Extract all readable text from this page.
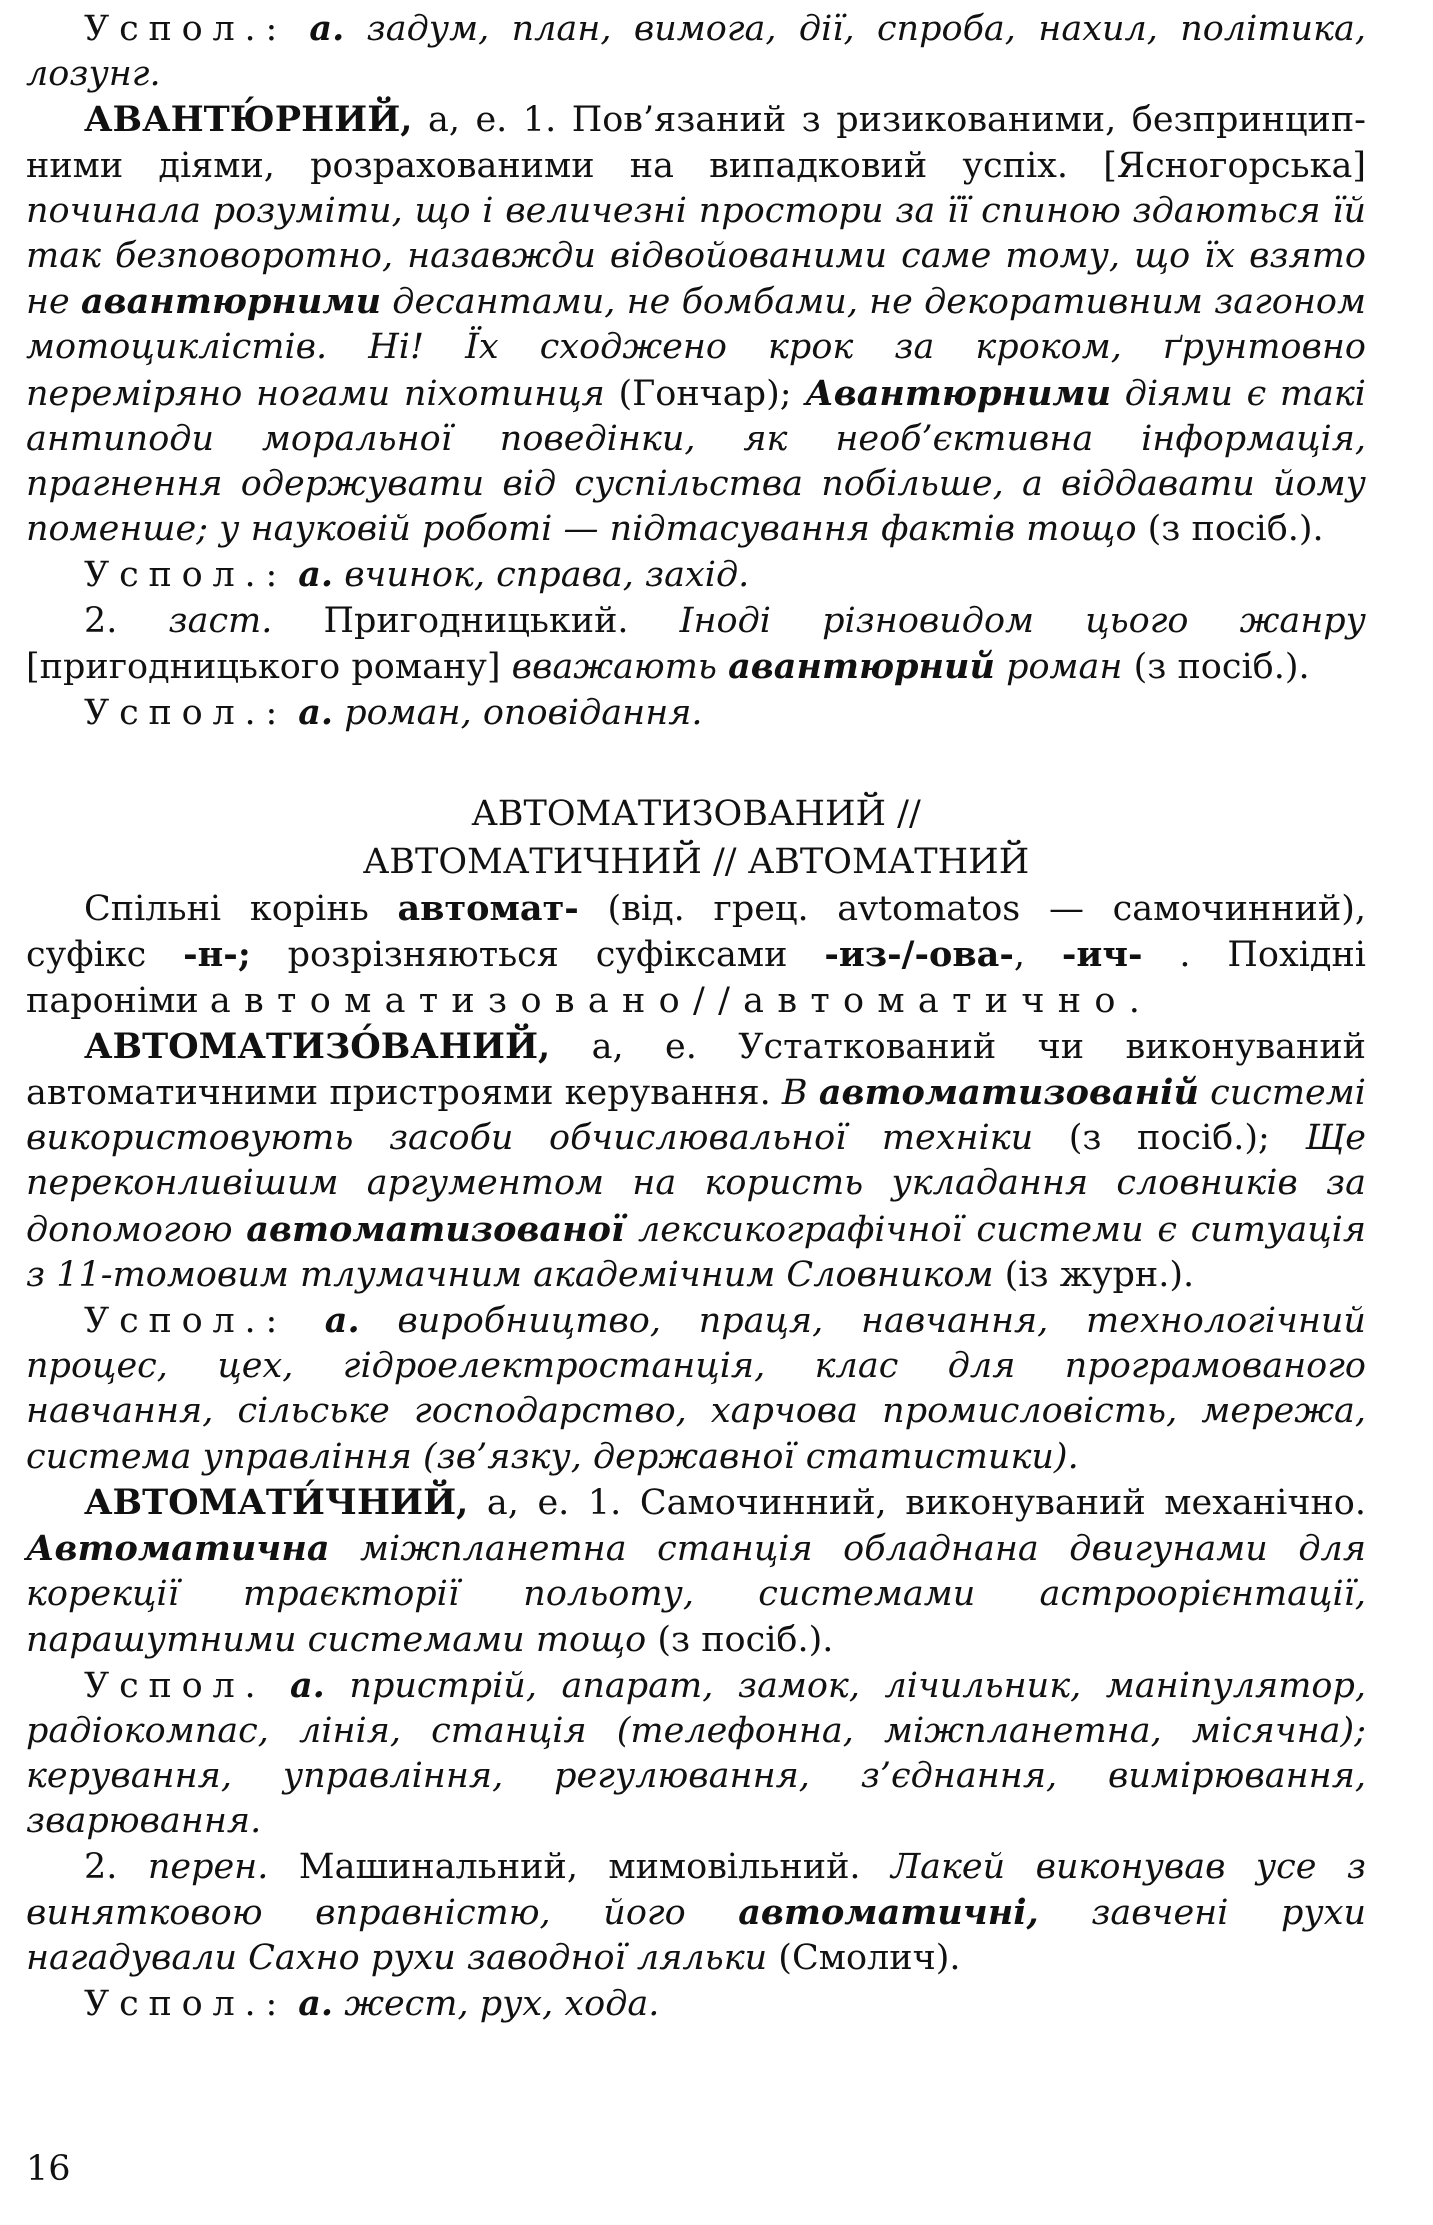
Успол.: а. задум, план, вимога, дії, спроба, нахил, політика, лозунг.

АВАНТЮ́РНИЙ, а, е. 1. Пов’язаний з ризикованими, безпринципними діями, розрахованими на випадковий успіх. [Ясногорська] починала розуміти, що і величезні простори за її спиною здаються їй так безповоротно, назавжди відвойованими саме тому, що їх взято не авантюрними десантами, не бомбами, не декоративним загоном мотоциклістів. Ні! Їх сходжено крок за кроком, ґрунтовно переміряно ногами піхотинця (Гончар); Авантюрними діями є такі антиподи моральної поведінки, як необ’єктивна інформація, прагнення одержувати від суспільства побільше, а віддавати йому поменше; у науковій роботі — підтасування фактів тощо (з посіб.).

Успол.: а. вчинок, справа, захід.

2. заст. Пригодницький. Іноді різновидом цього жанру [пригодницького роману] вважають авантюрний роман (з посіб.).

Успол.: а. роман, оповідання.

АВТОМАТИЗОВАНИЙ //

АВТОМАТИЧНИЙ // АВТОМАТНИЙ

Спільні корінь автомат- (від. грец. avtomatos — самочинний), суфікс -н-; розрізняються суфіксами -из-/-ова-, -ич- . Похідні пароніми автоматизовано//автоматично.

АВТОМАТИЗО́ВАНИЙ, а, е. Устаткований чи виконуваний автоматичними пристроями керування. В автоматизованій системі використовують засоби обчислювальної техніки (з посіб.); Ще переконливішим аргументом на користь укладання словників за допомогою автоматизованої лексикографічної системи є ситуація з 11-томовим тлумачним академічним Словником (із журн.).

Успол.: а. виробництво, праця, навчання, технологічний процес, цех, гідроелектростанція, клас для програмованого навчання, сільське господарство, харчова промисловість, мережа, система управління (зв’язку, державної статистики).

АВТОМАТИ́ЧНИЙ, а, е. 1. Самочинний, виконуваний механічно. Автоматична міжпланетна станція обладнана двигунами для корекції траєкторії польоту, системами астроорієнтації, парашутними системами тощо (з посіб.).

Успол. а. пристрій, апарат, замок, лічильник, маніпулятор, радіокомпас, лінія, станція (телефонна, міжпланетна, місячна); керування, управління, регулювання, з’єднання, вимірювання, зварювання.

2. перен. Машинальний, мимовільний. Лакей виконував усе з винятковою вправністю, його автоматичні, завчені рухи нагадували Сахно рухи заводної ляльки (Смолич).

Успол.: а. жест, рух, хода.

16
